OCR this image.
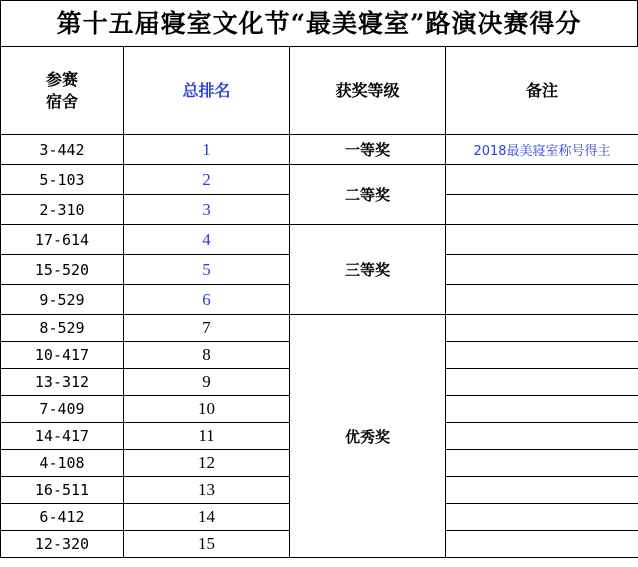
第十五届寝室文化节“最美寝室”路演决赛得分
参赛
宿舍	总排名	获奖等级	备注
3-442	1	一等奖	2018最美寝室称号得主
5-103	2	二等奖	
2-310	3		
17-614	4	三等奖	
15-520	5		
9-529	6		
8-529	7	优秀奖	
10-417	8		
13-312	9		
7-409	10		
14-417	11		
4-108	12		
16-511	13		
6-412	14		
12-320	15		
